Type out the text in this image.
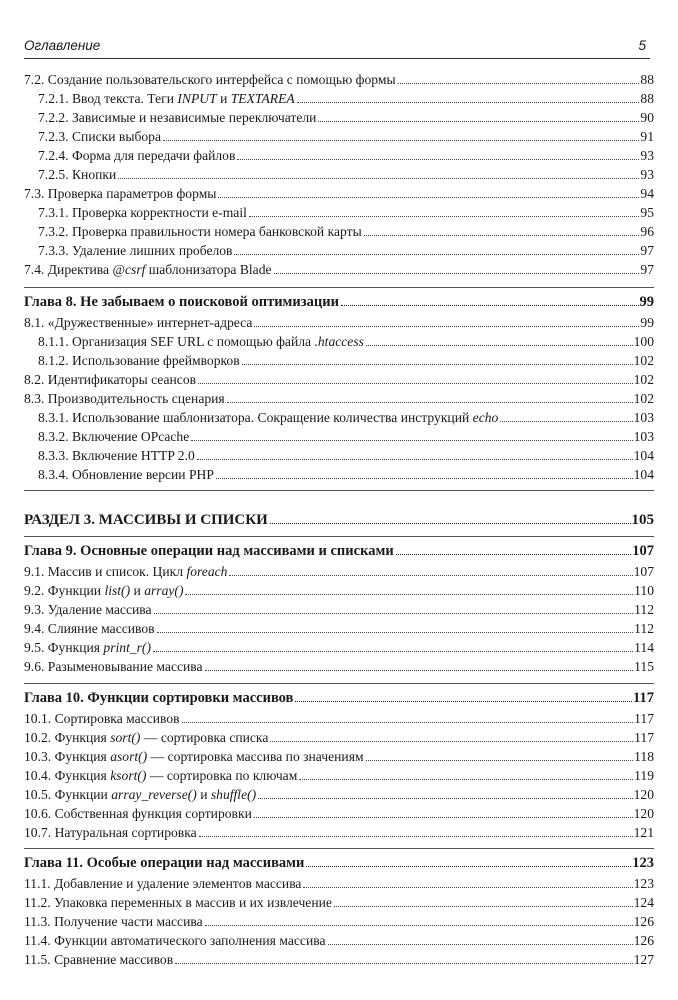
Оглавление	5
7.2. Создание пользовательского интерфейса с помощью формы	88
7.2.1. Ввод текста. Теги INPUT и TEXTAREA	88
7.2.2. Зависимые и независимые переключатели	90
7.2.3. Списки выбора	91
7.2.4. Форма для передачи файлов	93
7.2.5. Кнопки	93
7.3. Проверка параметров формы	94
7.3.1. Проверка корректности e-mail	95
7.3.2. Проверка правильности номера банковской карты	96
7.3.3. Удаление лишних пробелов	97
7.4. Директива @csrf шаблонизатора Blade	97
Глава 8. Не забываем о поисковой оптимизации	99
8.1. «Дружественные» интернет-адреса	99
8.1.1. Организация SEF URL с помощью файла .htaccess	100
8.1.2. Использование фреймворков	102
8.2. Идентификаторы сеансов	102
8.3. Производительность сценария	102
8.3.1. Использование шаблонизатора. Сокращение количества инструкций echo	103
8.3.2. Включение OPcache	103
8.3.3. Включение HTTP 2.0	104
8.3.4. Обновление версии PHP	104
РАЗДЕЛ 3. МАССИВЫ И СПИСКИ	105
Глава 9. Основные операции над массивами и списками	107
9.1. Массив и список. Цикл foreach	107
9.2. Функции list() и array()	110
9.3. Удаление массива	112
9.4. Слияние массивов	112
9.5. Функция print_r()	114
9.6. Разыменовывание массива	115
Глава 10. Функции сортировки массивов	117
10.1. Сортировка массивов	117
10.2. Функция sort() — сортировка списка	117
10.3. Функция asort() — сортировка массива по значениям	118
10.4. Функция ksort() — сортировка по ключам	119
10.5. Функции array_reverse() и shuffle()	120
10.6. Собственная функция сортировки	120
10.7. Натуральная сортировка	121
Глава 11. Особые операции над массивами	123
11.1. Добавление и удаление элементов массива	123
11.2. Упаковка переменных в массив и их извлечение	124
11.3. Получение части массива	126
11.4. Функции автоматического заполнения массива	126
11.5. Сравнение массивов	127
